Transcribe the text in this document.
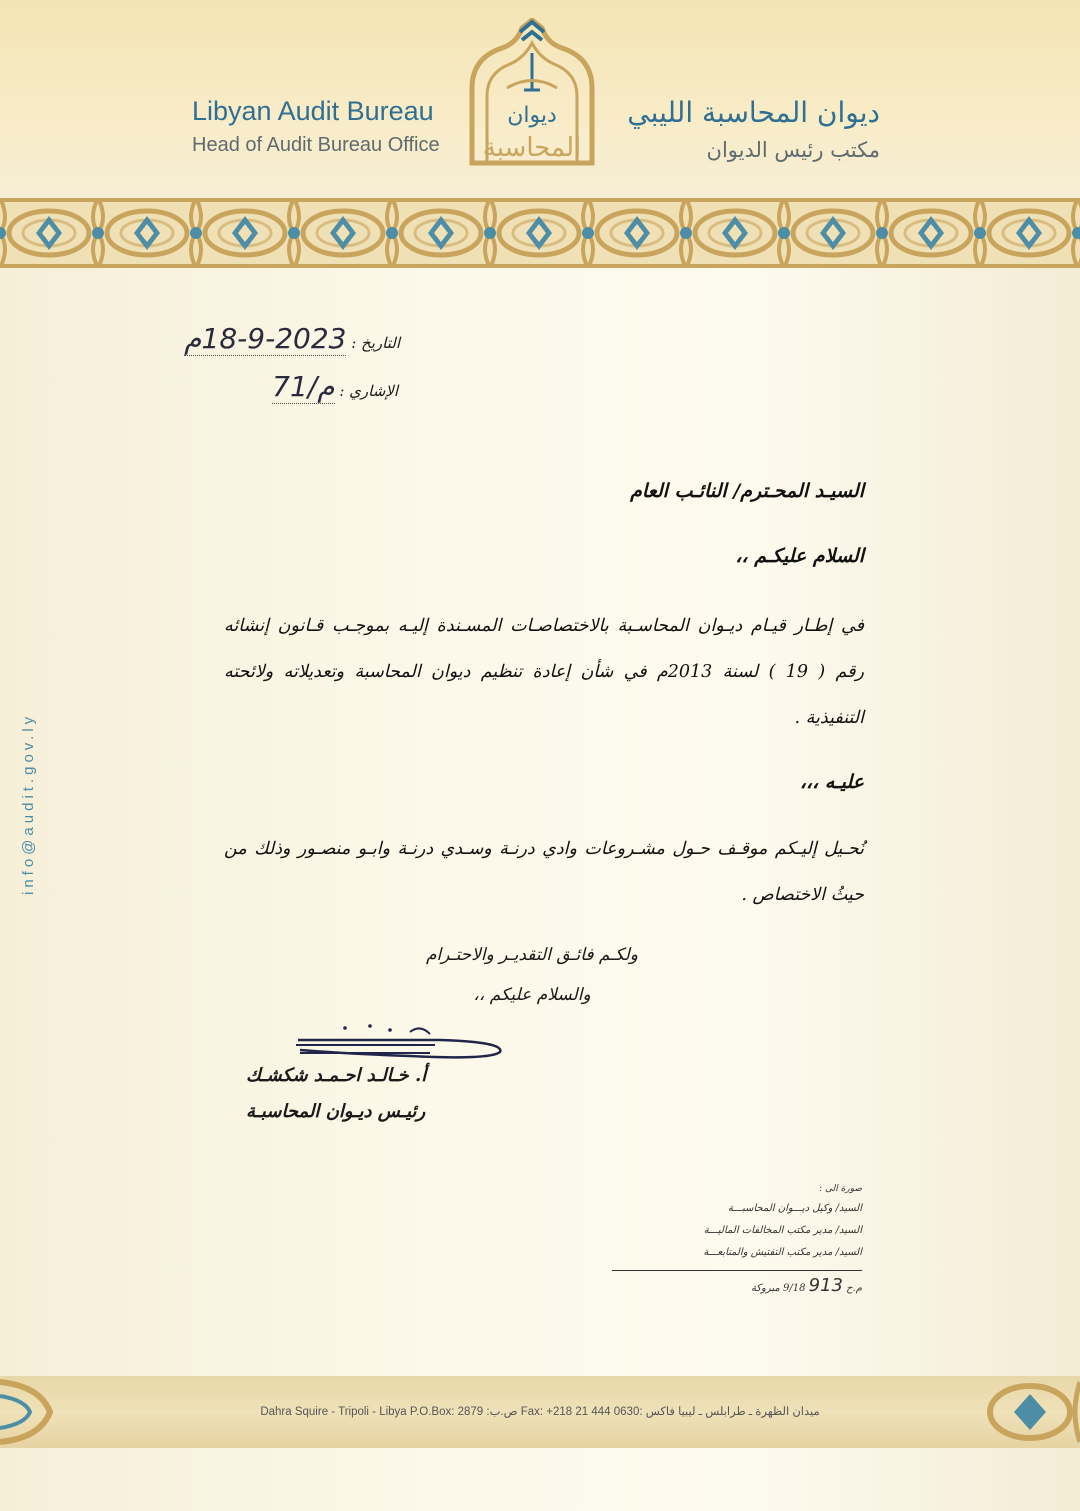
Libyan Audit Bureau
Head of Audit Bureau Office
ديوان
المحاسبة
ديوان المحاسبة الليبي
مكتب رئيس الديوان
info@audit.gov.ly
التاريخ : 2023-9-18م
الإشاري : م/71
السيـد المحـترم/ النائـب العام
السلام عليكـم ،،
في إطـار قيـام ديـوان المحاسـبة بالاختصاصـات المسـندة إليـه بموجـب قـانون إنشائه رقم ( 19 ) لسنة 2013م في شأن إعادة تنظيم ديوان المحاسبة وتعديلاته ولائحته التنفيذية .
عليـه ،،،
نُحـيل إليـكم موقـف حـول مشـروعات وادي درنـة وسـدي درنـة وابـو منصـور وذلك من حيثُ الاختصاص .
ولكـم فائـق التقديـر والاحتـرام
والسلام عليكم ،،
أ. خـالـد احـمـد شكشـك
رئيـس ديـوان المحاسبـة
صورة الى :
السيد/ وكيل ديـــوان المحاسبـــة
السيد/ مدير مكتب المخالفات الماليـــة
السيد/ مدير مكتب التفتيش والمتابعـــة
م.ح 913 9/18 مبروكة
Dahra Squire - Tripoli - Libya P.O.Box: 2879 :ص.ب Fax: +218 21 444 0630: ميدان الظهرة ـ طرابلس ـ ليبيا فاكس
